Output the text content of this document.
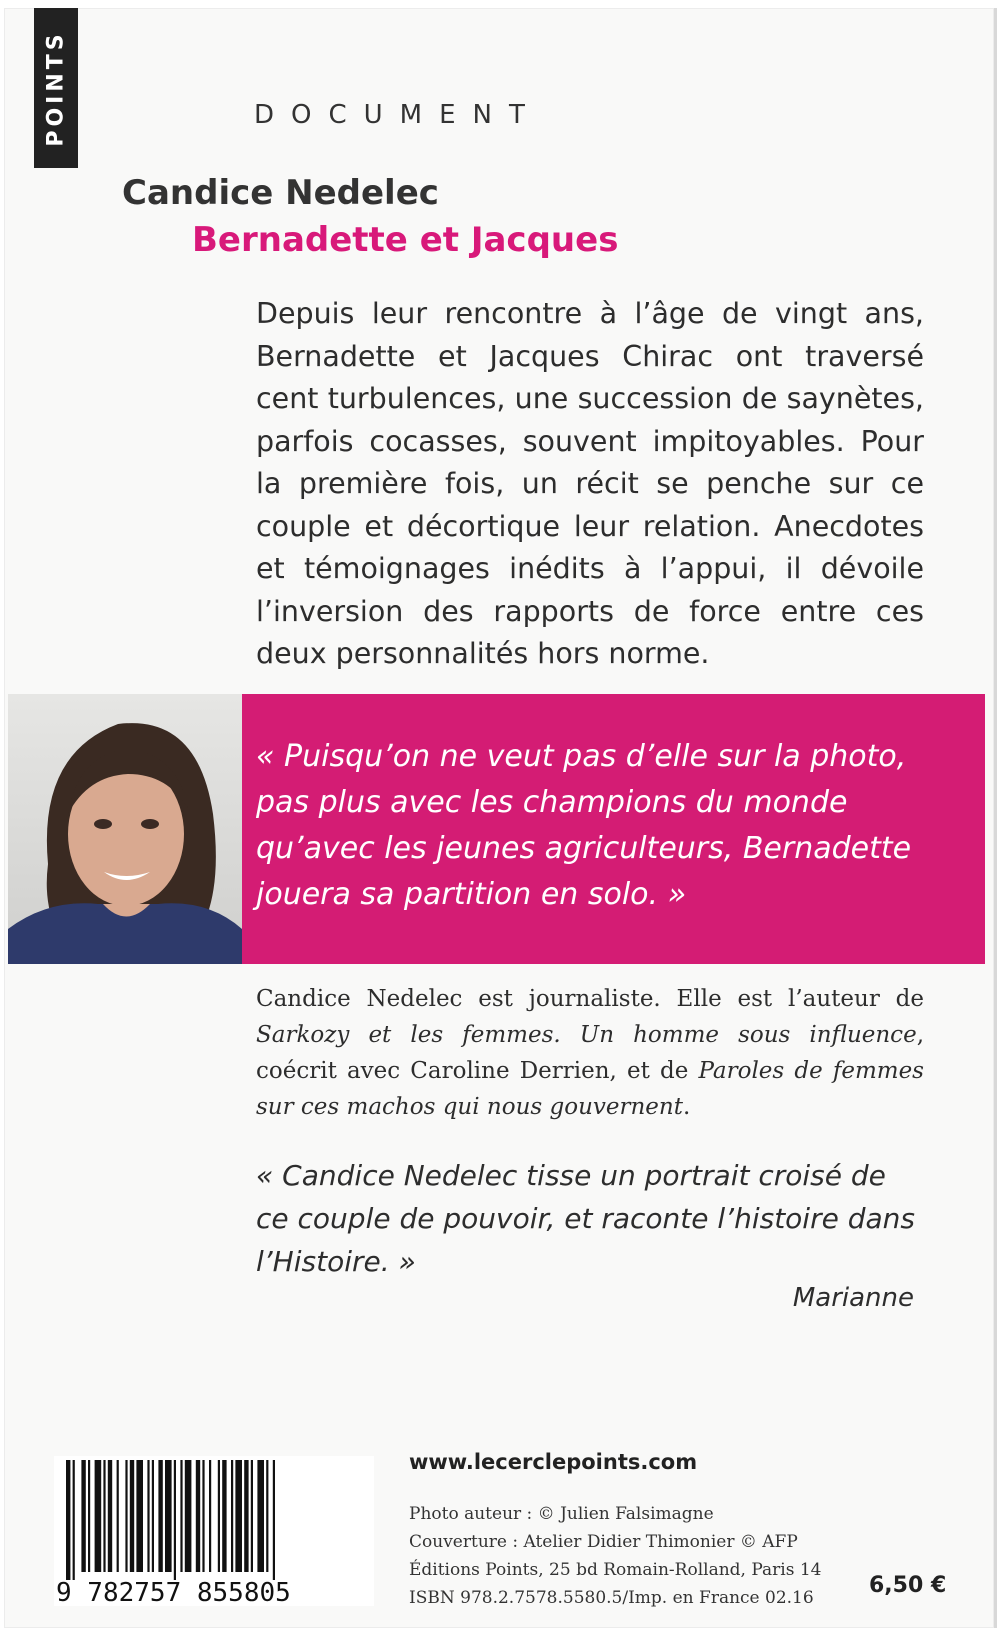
POINTS	DOCUMENT
Candice Nedelec
Bernadette et Jacques
Depuis leur rencontre à l’âge de vingt ans, Bernadette et Jacques Chirac ont traversé cent turbulences, une succession de saynètes, parfois cocasses, souvent impitoyables. Pour la première fois, un récit se penche sur ce couple et décortique leur relation. Anecdotes et témoignages inédits à l’appui, il dévoile l’inversion des rapports de force entre ces deux personnalités hors norme.
« Puisqu’on ne veut pas d’elle sur la photo, pas plus avec les champions du monde qu’avec les jeunes agriculteurs, Bernadette jouera sa partition en solo. »
Candice Nedelec est journaliste. Elle est l’auteur de Sarkozy et les femmes. Un homme sous influence, coécrit avec Caroline Derrien, et de Paroles de femmes sur ces machos qui nous gouvernent.
« Candice Nedelec tisse un portrait croisé de ce couple de pouvoir, et raconte l’histoire dans l’Histoire. »
Marianne
9 782757 855805
www.lecerclepoints.com
Photo auteur : © Julien Falsimagne
Couverture : Atelier Didier Thimonier © AFP
Éditions Points, 25 bd Romain-Rolland, Paris 14
ISBN 978.2.7578.5580.5/Imp. en France 02.16	6,50 €
